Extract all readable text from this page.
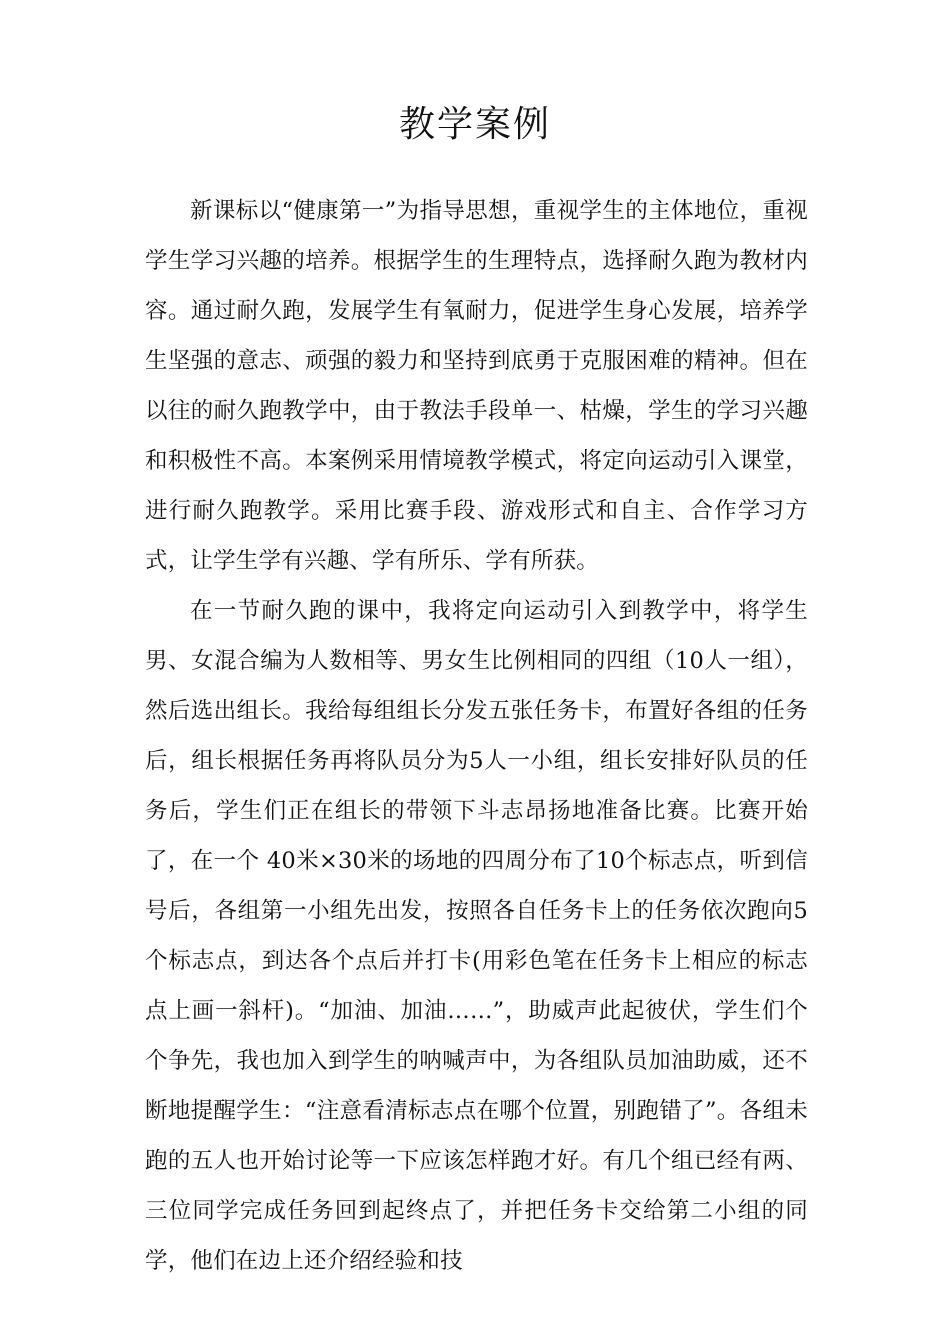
教学案例

新课标以“健康第一”为指导思想，重视学生的主体地位，重视学生学习兴趣的培养。根据学生的生理特点，选择耐久跑为教材内容。通过耐久跑，发展学生有氧耐力，促进学生身心发展，培养学生坚强的意志、顽强的毅力和坚持到底勇于克服困难的精神。但在以往的耐久跑教学中，由于教法手段单一、枯燥，学生的学习兴趣和积极性不高。本案例采用情境教学模式，将定向运动引入课堂，进行耐久跑教学。采用比赛手段、游戏形式和自主、合作学习方式，让学生学有兴趣、学有所乐、学有所获。

在一节耐久跑的课中，我将定向运动引入到教学中，将学生男、女混合编为人数相等、男女生比例相同的四组（10人一组），然后选出组长。我给每组组长分发五张任务卡，布置好各组的任务后，组长根据任务再将队员分为5人一小组，组长安排好队员的任务后，学生们正在组长的带领下斗志昂扬地准备比赛。比赛开始了，在一个 40米×30米的场地的四周分布了10个标志点，听到信号后，各组第一小组先出发，按照各自任务卡上的任务依次跑向5个标志点，到达各个点后并打卡(用彩色笔在任务卡上相应的标志点上画一斜杆)。“加油、加油……”，助威声此起彼伏，学生们个个争先，我也加入到学生的呐喊声中，为各组队员加油助威，还不断地提醒学生：“注意看清标志点在哪个位置，别跑错了”。各组未跑的五人也开始讨论等一下应该怎样跑才好。有几个组已经有两、三位同学完成任务回到起终点了，并把任务卡交给第二小组的同学，他们在边上还介绍经验和技
